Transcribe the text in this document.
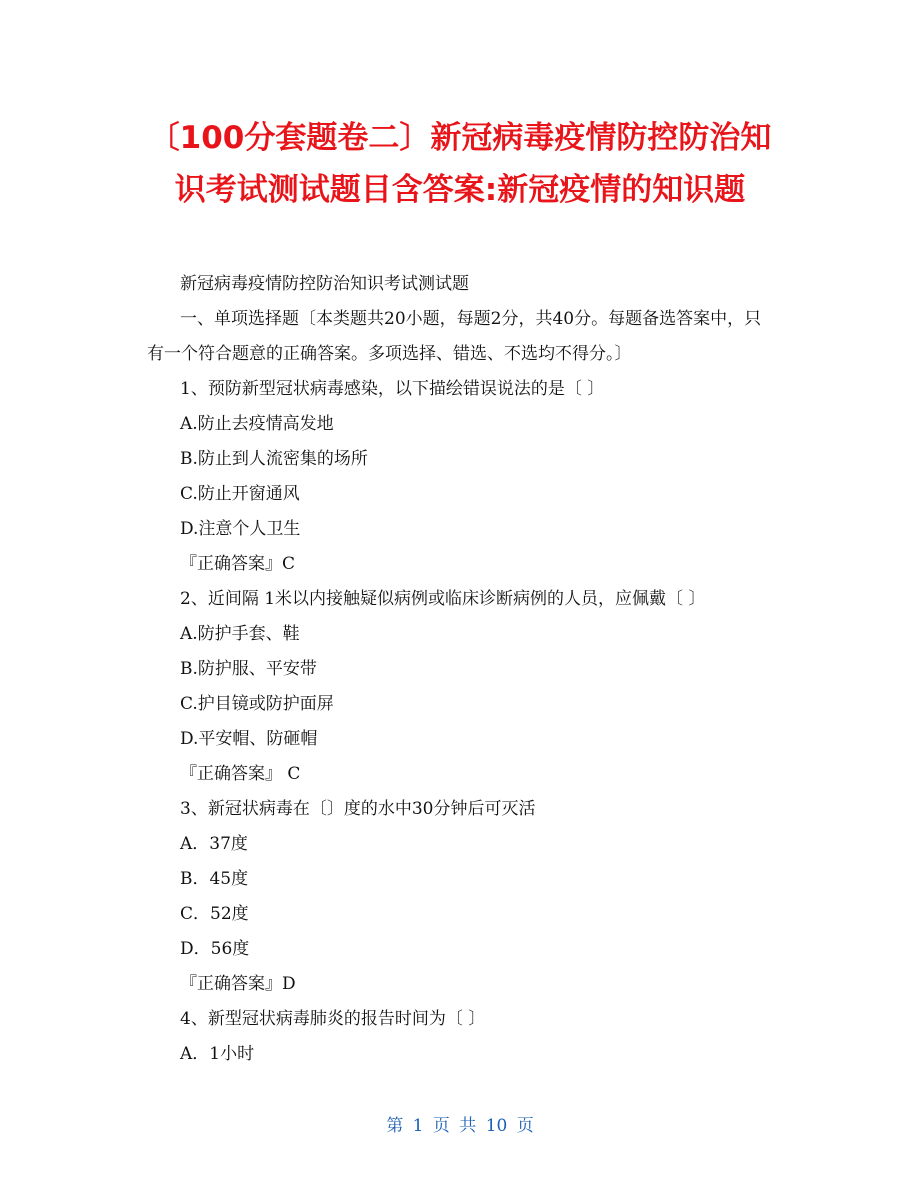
〔100分套题卷二〕新冠病毒疫情防控防治知
识考试测试题目含答案:新冠疫情的知识题
新冠病毒疫情防控防治知识考试测试题
一、单项选择题〔本类题共20小题，每题2分，共40分。每题备选答案中，只
有一个符合题意的正确答案。多项选择、错选、不选均不得分。〕
1、预防新型冠状病毒感染，以下描绘错误说法的是〔 〕
A.防止去疫情高发地
B.防止到人流密集的场所
C.防止开窗通风
D.注意个人卫生
『正确答案』C
2、近间隔 1米以内接触疑似病例或临床诊断病例的人员，应佩戴〔 〕
A.防护手套、鞋
B.防护服、平安带
C.护目镜或防护面屏
D.平安帽、防砸帽
『正确答案』 C
3、新冠状病毒在〔〕度的水中30分钟后可灭活
A．37度
B．45度
C．52度
D．56度
『正确答案』D
4、新型冠状病毒肺炎的报告时间为〔 〕
A．1小时
第 1 页 共 10 页
